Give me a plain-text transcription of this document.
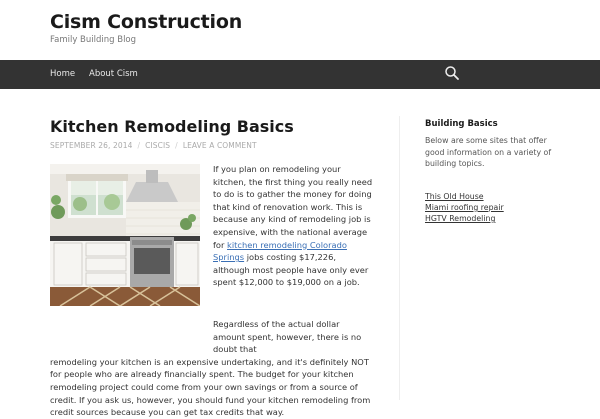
Cism Construction
Family Building Blog
Home About Cism
Kitchen Remodeling Basics
SEPTEMBER 26, 2014 / CISCIS / LEAVE A COMMENT

If you plan on remodeling your kitchen, the first thing you really need to do is to gather the money for doing that kind of renovation work. This is because any kind of remodeling job is expensive, with the national average for kitchen remodeling Colorado Springs jobs costing $17,226, although most people have only ever spent $12,000 to $19,000 on a job.

Regardless of the actual dollar amount spent, however, there is no doubt that
remodeling your kitchen is an expensive undertaking, and it's definitely NOT for people who are already financially spent. The budget for your kitchen remodeling project could come from your own savings or from a source of credit. If you ask us, however, you should fund your kitchen remodeling from credit sources because you can get tax credits that way.

Building Basics

Below are some sites that offer good information on a variety of building topics.

This Old House
Miami roofing repair
HGTV Remodeling
